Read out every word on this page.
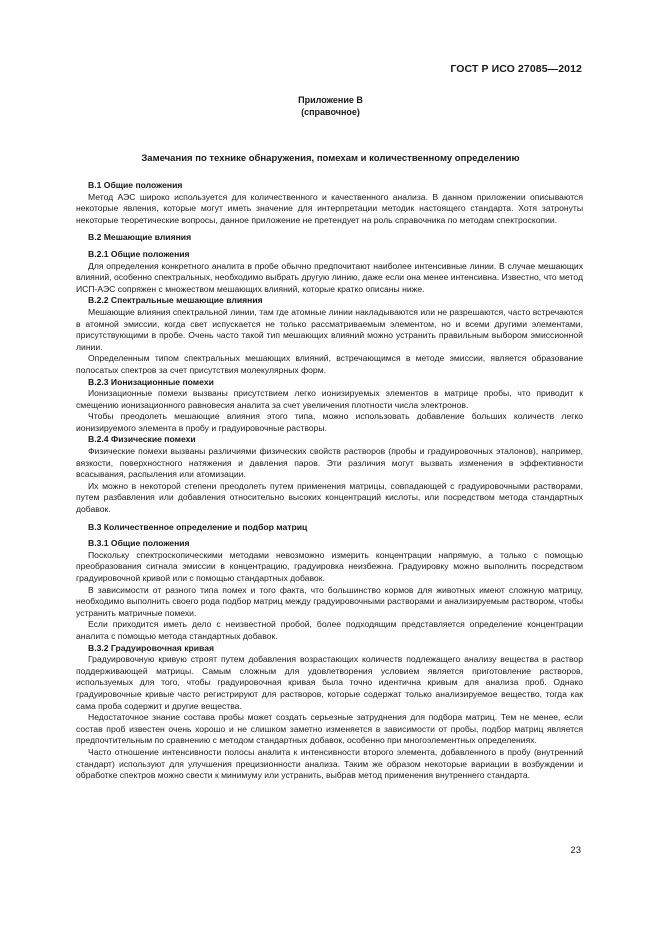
ГОСТ Р ИСО 27085—2012
Приложение В
(справочное)
Замечания по технике обнаружения, помехам и количественному определению
В.1 Общие положения

Метод АЭС широко используется для количественного и качественного анализа. В данном приложении описываются некоторые явления, которые могут иметь значение для интерпретации методик настоящего стандарта. Хотя затронуты некоторые теоретические вопросы, данное приложение не претендует на роль справочника по методам спектроскопии.

В.2 Мешающие влияния
В.2.1 Общие положения

Для определения конкретного аналита в пробе обычно предпочитают наиболее интенсивные линии. В случае мешающих влияний, особенно спектральных, необходимо выбрать другую линию, даже если она менее интенсивна. Известно, что метод ИСП-АЭС сопряжен с множеством мешающих влияний, которые кратко описаны ниже.

В.2.2 Спектральные мешающие влияния

Мешающие влияния спектральной линии, там где атомные линии накладываются или не разрешаются, часто встречаются в атомной эмиссии, когда свет испускается не только рассматриваемым элементом, но и всеми другими элементами, присутствующими в пробе. Очень часто такой тип мешающих влияний можно устранить правильным выбором эмиссионной линии.

Определенным типом спектральных мешающих влияний, встречающимся в методе эмиссии, является образование полосатых спектров за счет присутствия молекулярных форм.

В.2.3 Ионизационные помехи

Ионизационные помехи вызваны присутствием легко ионизируемых элементов в матрице пробы, что приводит к смещению ионизационного равновесия аналита за счет увеличения плотности числа электронов.

Чтобы преодолеть мешающие влияния этого типа, можно использовать добавление больших количеств легко ионизируемого элемента в пробу и градуировочные растворы.

В.2.4 Физические помехи

Физические помехи вызваны различиями физических свойств растворов (пробы и градуировочных эталонов), например, вязкости, поверхностного натяжения и давления паров. Эти различия могут вызвать изменения в эффективности всасывания, распыления или атомизации.

Их можно в некоторой степени преодолеть путем применения матрицы, совпадающей с градуировочными растворами, путем разбавления или добавления относительно высоких концентраций кислоты, или посредством метода стандартных добавок.

В.3 Количественное определение и подбор матриц
В.3.1 Общие положения

Поскольку спектроскопическими методами невозможно измерить концентрации напрямую, а только с помощью преобразования сигнала эмиссии в концентрацию, градуировка неизбежна. Градуировку можно выполнить посредством градуировочной кривой или с помощью стандартных добавок.

В зависимости от разного типа помех и того факта, что большинство кормов для животных имеют сложную матрицу, необходимо выполнить своего рода подбор матриц между градуировочными растворами и анализируемым раствором, чтобы устранить матричные помехи.

Если приходится иметь дело с неизвестной пробой, более подходящим представляется определение концентрации аналита с помощью метода стандартных добавок.

В.3.2 Градуировочная кривая

Градуировочную кривую строят путем добавления возрастающих количеств подлежащего анализу вещества в раствор поддерживающей матрицы. Самым сложным для удовлетворения условием является приготовление растворов, используемых для того, чтобы градуировочная кривая была точно идентична кривым для анализа проб. Однако градуировочные кривые часто регистрируют для растворов, которые содержат только анализируемое вещество, тогда как сама проба содержит и другие вещества.

Недостаточное знание состава пробы может создать серьезные затруднения для подбора матриц. Тем не менее, если состав проб известен очень хорошо и не слишком заметно изменяется в зависимости от пробы, подбор матриц является предпочтительным по сравнению с методом стандартных добавок, особенно при многоэлементных определениях.

Часто отношение интенсивности полосы аналита к интенсивности второго элемента, добавленного в пробу (внутренний стандарт) используют для улучшения прецизионности анализа. Таким же образом некоторые вариации в возбуждении и обработке спектров можно свести к минимуму или устранить, выбрав метод применения внутреннего стандарта.

23
